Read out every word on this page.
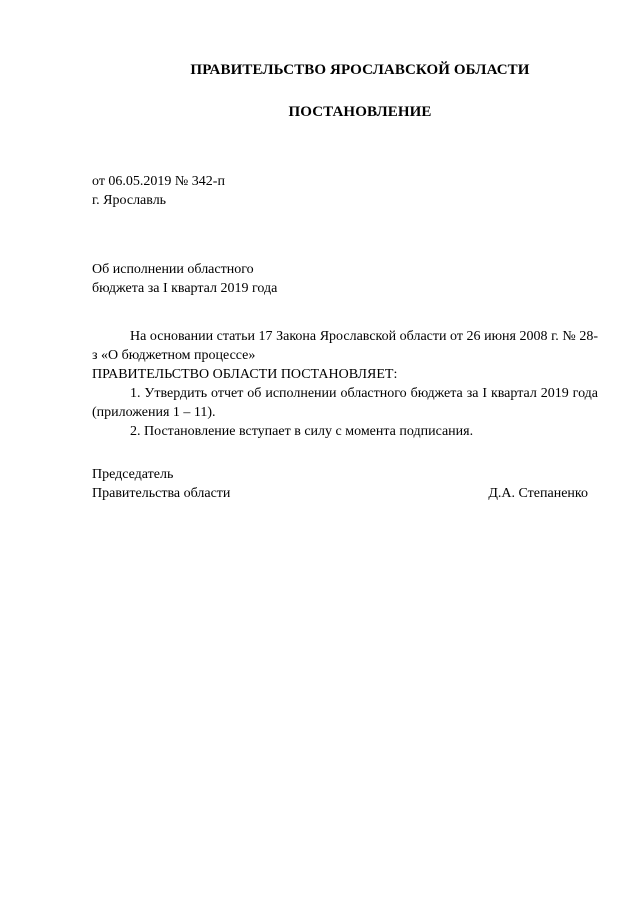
ПРАВИТЕЛЬСТВО ЯРОСЛАВСКОЙ ОБЛАСТИ
ПОСТАНОВЛЕНИЕ
от 06.05.2019 № 342-п
г. Ярославль
Об исполнении областного
бюджета за I квартал 2019 года

На основании статьи 17 Закона Ярославской области от 26 июня 2008 г. № 28-з «О бюджетном процессе»

ПРАВИТЕЛЬСТВО ОБЛАСТИ ПОСТАНОВЛЯЕТ:

1. Утвердить отчет об исполнении областного бюджета за I квартал 2019 года (приложения 1 – 11).

2. Постановление вступает в силу с момента подписания.

Председатель
Правительства области	Д.А. Степаненко
